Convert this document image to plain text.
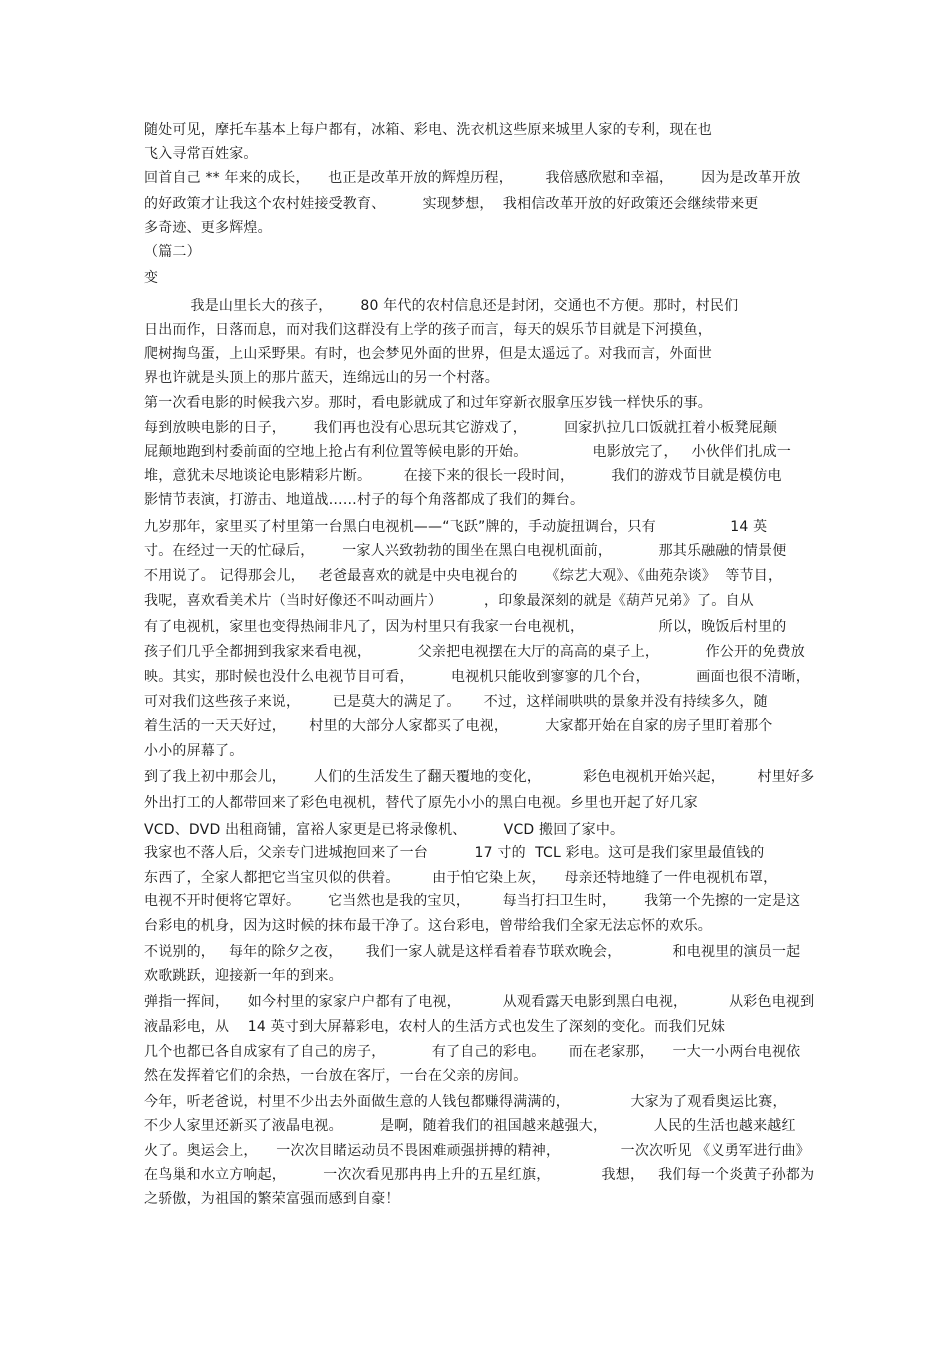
随处可见，摩托车基本上每户都有，冰箱、彩电、洗衣机这些原来城里人家的专利，现在也
飞入寻常百姓家。
回首自己 ** 年来的成长，    也正是改革开放的辉煌历程，       我倍感欣慰和幸福，      因为是改革开放
的好政策才让我这个农村娃接受教育、        实现梦想，  我相信改革开放的好政策还会继续带来更
多奇迹、更多辉煌。
（篇二）
变
我是山里长大的孩子，      80 年代的农村信息还是封闭，交通也不方便。那时，村民们
日出而作，日落而息，而对我们这群没有上学的孩子而言，每天的娱乐节目就是下河摸鱼，
爬树掏鸟蛋，上山采野果。有时，也会梦见外面的世界，但是太遥远了。对我而言，外面世
界也许就是头顶上的那片蓝天，连绵远山的另一个村落。
第一次看电影的时候我六岁。那时，看电影就成了和过年穿新衣服拿压岁钱一样快乐的事。
每到放映电影的日子，      我们再也没有心思玩其它游戏了，        回家扒拉几口饭就扛着小板凳屁颠
屁颠地跑到村委前面的空地上抢占有利位置等候电影的开始。              电影放完了，   小伙伴们扎成一
堆，意犹未尽地谈论电影精彩片断。       在接下来的很长一段时间，        我们的游戏节目就是模仿电
影情节表演，打游击、地道战……村子的每个角落都成了我们的舞台。
九岁那年，家里买了村里第一台黑白电视机——“飞跃”牌的，手动旋扭调台，只有                14 英
寸。在经过一天的忙碌后，      一家人兴致勃勃的围坐在黑白电视机面前，          那其乐融融的情景便
不用说了。 记得那会儿，   老爸最喜欢的就是中央电视台的      《综艺大观》、《曲苑杂谈》  等节目，
我呢，喜欢看美术片（当时好像还不叫动画片）         ，印象最深刻的就是《葫芦兄弟》了。自从
有了电视机，家里也变得热闹非凡了，因为村里只有我家一台电视机，                所以，晚饭后村里的
孩子们几乎全都拥到我家来看电视，          父亲把电视摆在大厅的高高的桌子上，          作公开的免费放
映。其实，那时候也没什么电视节目可看，        电视机只能收到寥寥的几个台，          画面也很不清晰，
可对我们这些孩子来说，       已是莫大的满足了。     不过，这样闹哄哄的景象并没有持续多久，随
着生活的一天天好过，     村里的大部分人家都买了电视，        大家都开始在自家的房子里盯着那个
小小的屏幕了。
到了我上初中那会儿，      人们的生活发生了翻天覆地的变化，         彩色电视机开始兴起，       村里好多
外出打工的人都带回来了彩色电视机，替代了原先小小的黑白电视。乡里也开起了好几家
VCD、DVD 出租商铺，富裕人家更是已将录像机、        VCD 搬回了家中。
我家也不落人后，父亲专门进城抱回来了一台          17 寸的  TCL 彩电。这可是我们家里最值钱的
东西了，全家人都把它当宝贝似的供着。       由于怕它染上灰，    母亲还特地缝了一件电视机布罩，
电视不开时便将它罩好。      它当然也是我的宝贝，       每当打扫卫生时，      我第一个先擦的一定是这
台彩电的机身，因为这时候的抹布最干净了。这台彩电，曾带给我们全家无法忘怀的欢乐。
不说别的，   每年的除夕之夜，     我们一家人就是这样看着春节联欢晚会，           和电视里的演员一起
欢歌跳跃，迎接新一年的到来。
弹指一挥间，    如今村里的家家户户都有了电视，         从观看露天电影到黑白电视，         从彩色电视到
液晶彩电，从    14 英寸到大屏幕彩电，农村人的生活方式也发生了深刻的变化。而我们兄妹
几个也都已各自成家有了自己的房子，          有了自己的彩电。     而在老家那，    一大一小两台电视依
然在发挥着它们的余热，一台放在客厅，一台在父亲的房间。
今年，听老爸说，村里不少出去外面做生意的人钱包都赚得满满的，             大家为了观看奥运比赛，
不少人家里还新买了液晶电视。        是啊，随着我们的祖国越来越强大，          人民的生活也越来越红
火了。奥运会上，    一次次目睹运动员不畏困难顽强拼搏的精神，             一次次听见 《义勇军进行曲》
在鸟巢和水立方响起，        一次次看见那冉冉上升的五星红旗，           我想，   我们每一个炎黄子孙都为
之骄傲，为祖国的繁荣富强而感到自豪！
